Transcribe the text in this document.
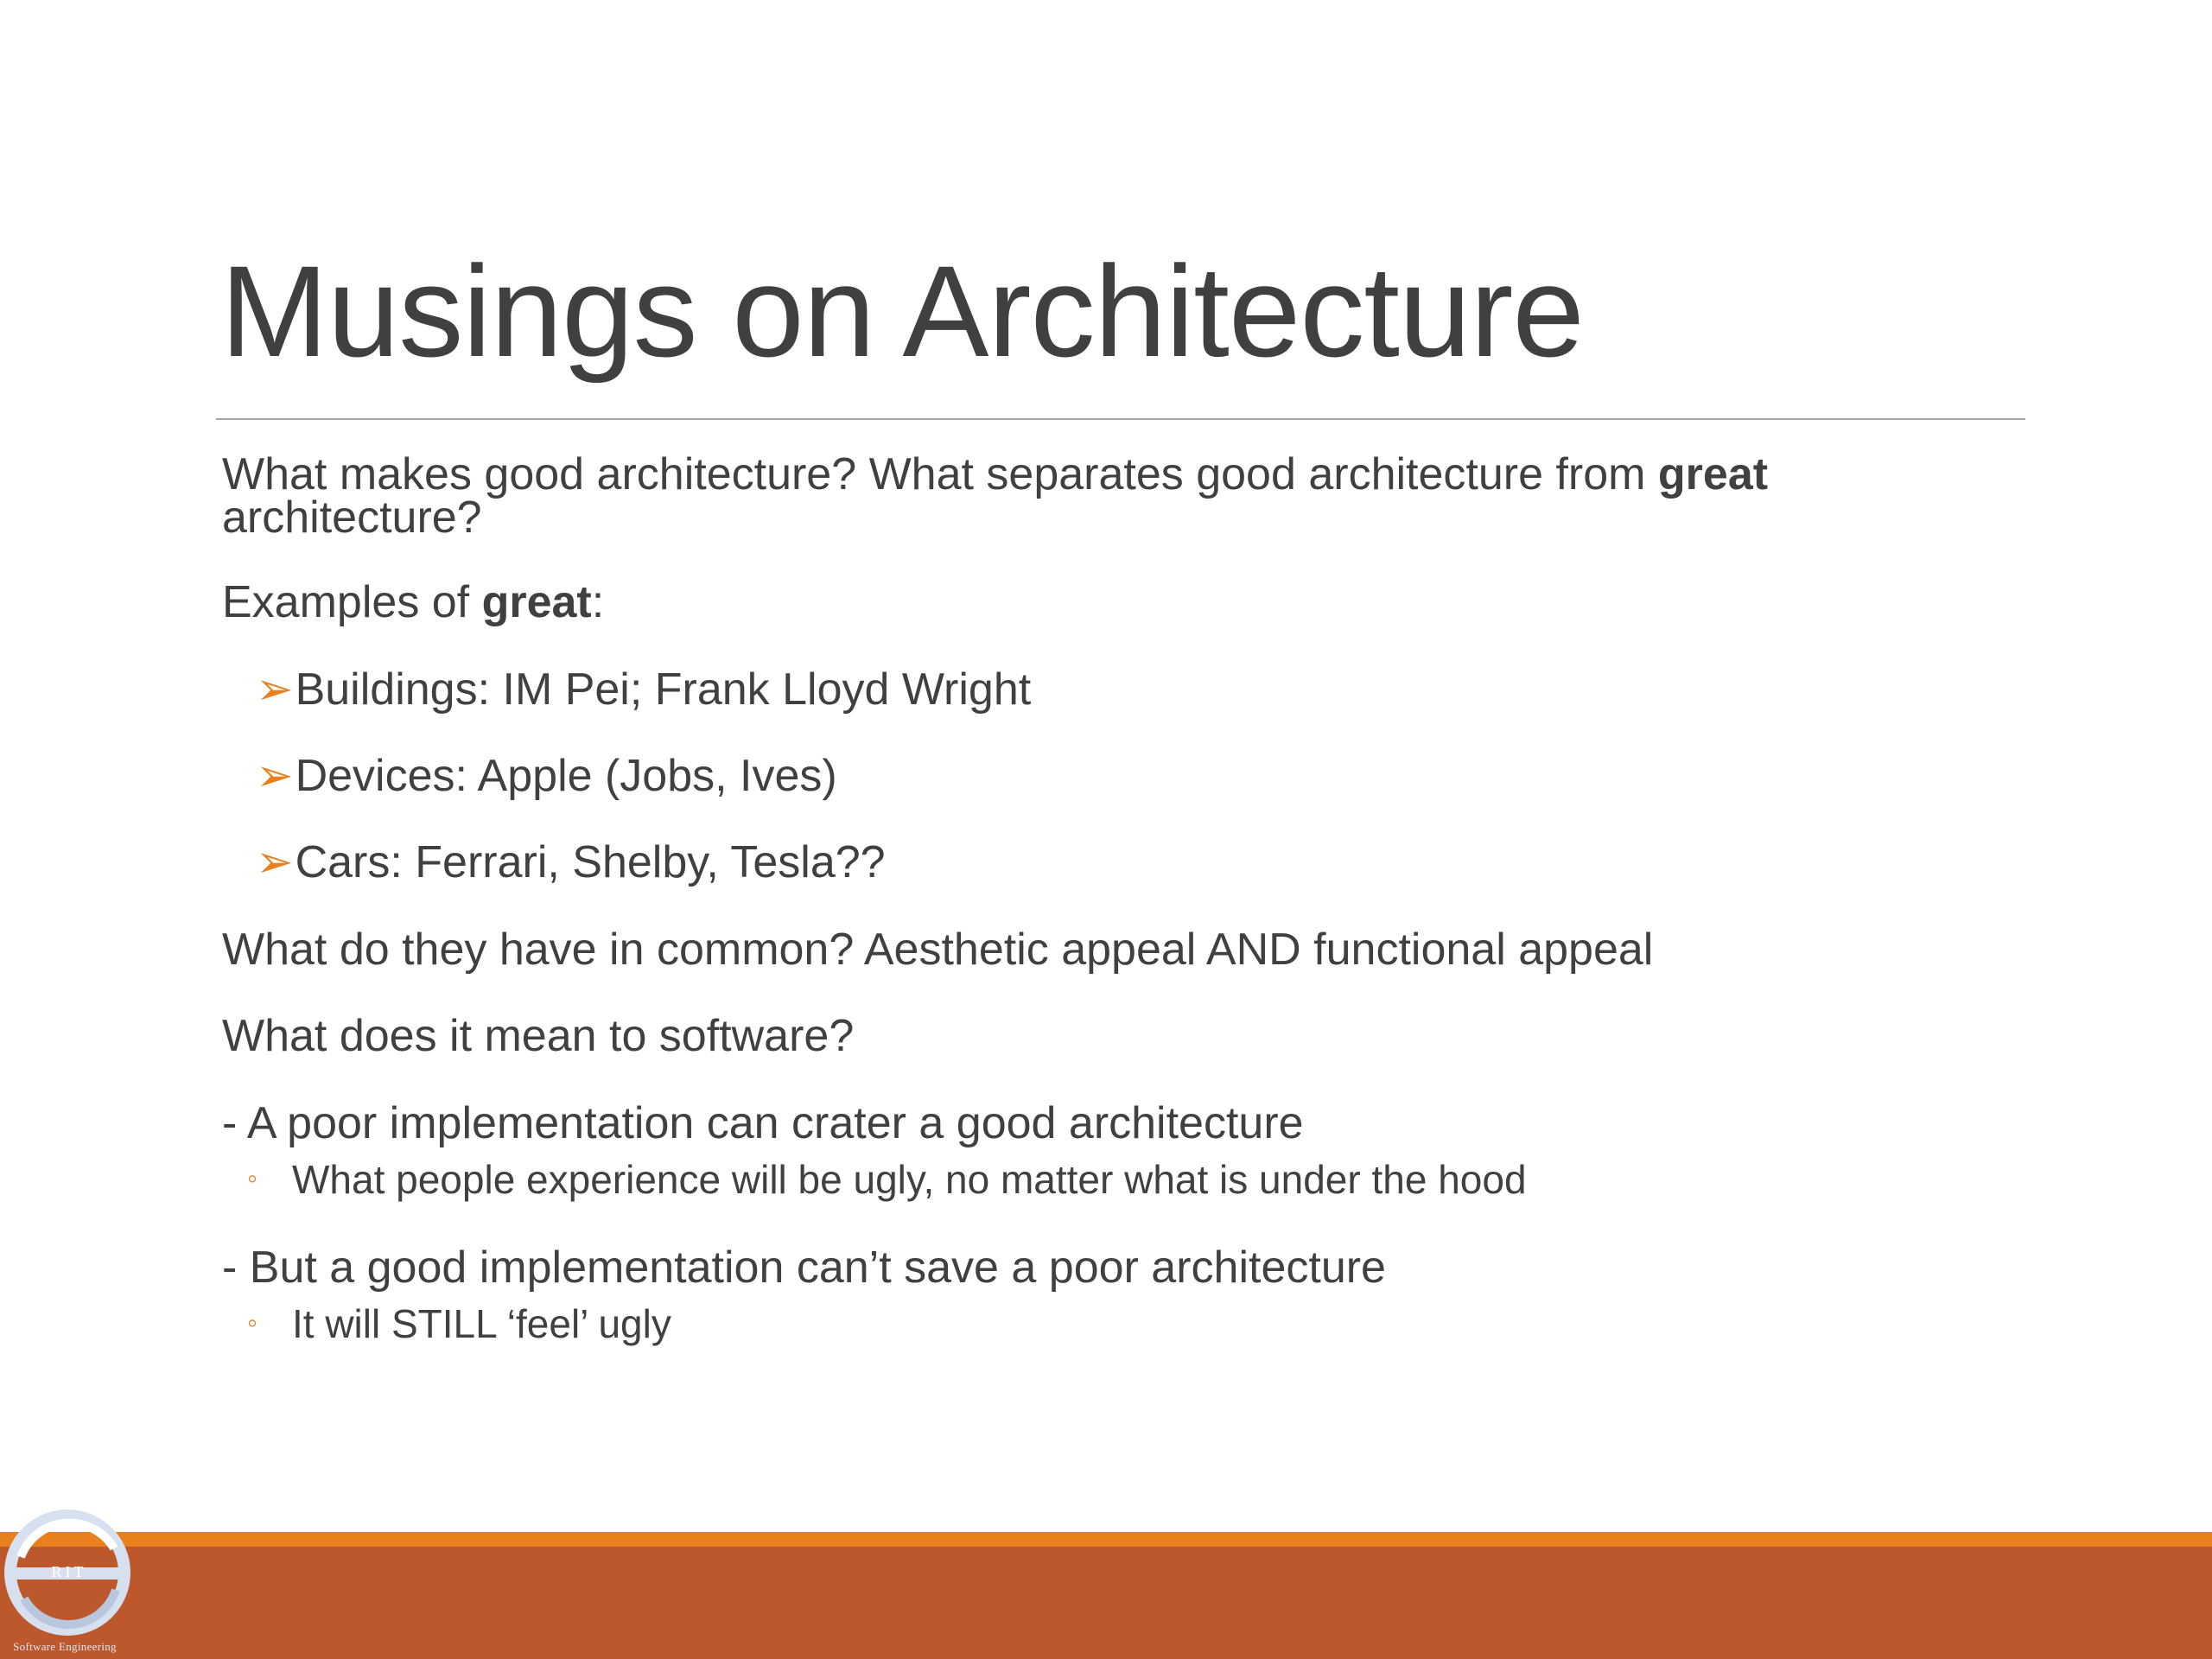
Musings on Architecture
What makes good architecture? What separates good architecture from great
architecture?
Examples of great:
➢Buildings: IM Pei; Frank Lloyd Wright
➢Devices: Apple (Jobs, Ives)
➢Cars: Ferrari, Shelby, Tesla??
What do they have in common? Aesthetic appeal AND functional appeal
What does it mean to software?
- A poor implementation can crater a good architecture
◦ What people experience will be ugly, no matter what is under the hood
- But a good implementation can’t save a poor architecture
◦ It will STILL ‘feel’ ugly
RIT
Software Engineering
